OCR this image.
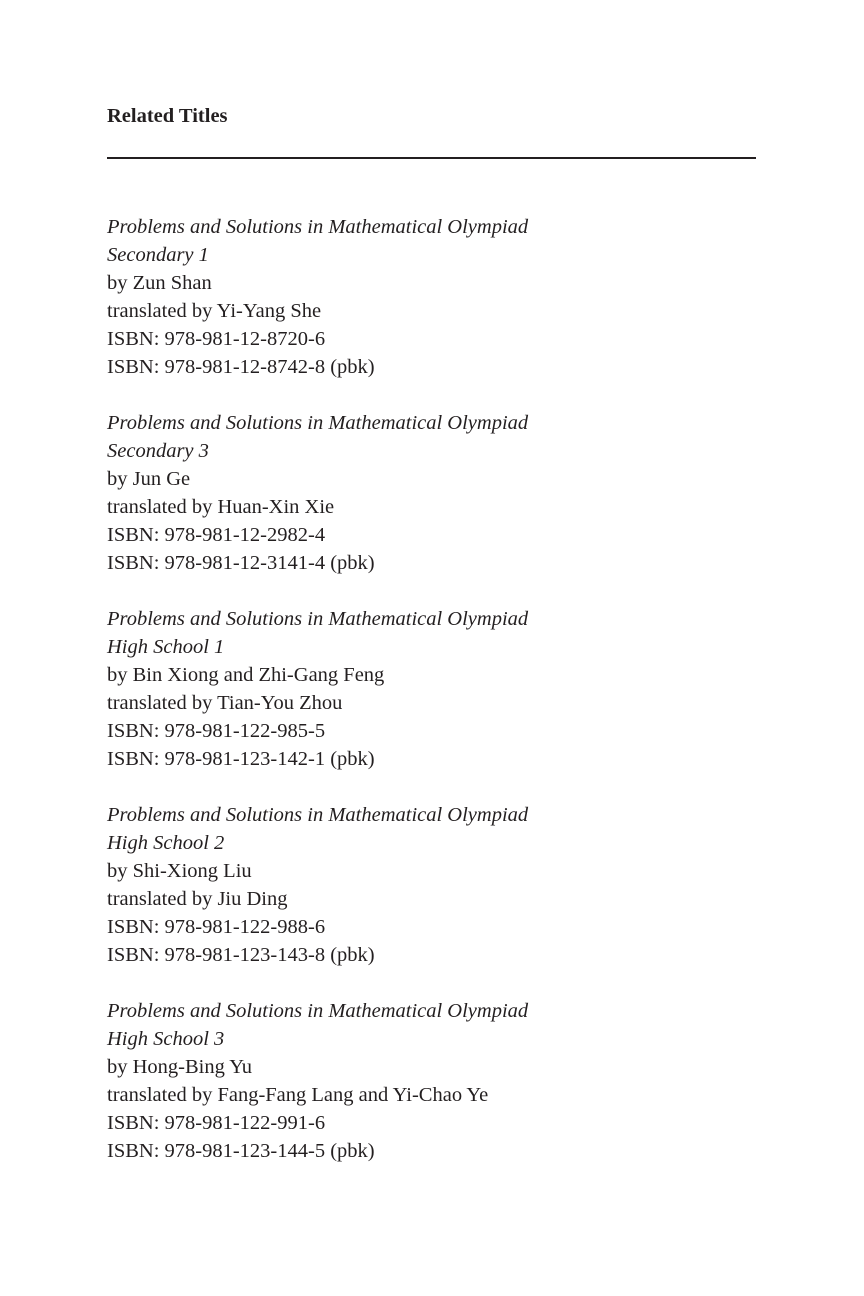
Related Titles
Problems and Solutions in Mathematical Olympiad
Secondary 1
by Zun Shan
translated by Yi-Yang She
ISBN: 978-981-12-8720-6
ISBN: 978-981-12-8742-8 (pbk)
Problems and Solutions in Mathematical Olympiad
Secondary 3
by Jun Ge
translated by Huan-Xin Xie
ISBN: 978-981-12-2982-4
ISBN: 978-981-12-3141-4 (pbk)
Problems and Solutions in Mathematical Olympiad
High School 1
by Bin Xiong and Zhi-Gang Feng
translated by Tian-You Zhou
ISBN: 978-981-122-985-5
ISBN: 978-981-123-142-1 (pbk)
Problems and Solutions in Mathematical Olympiad
High School 2
by Shi-Xiong Liu
translated by Jiu Ding
ISBN: 978-981-122-988-6
ISBN: 978-981-123-143-8 (pbk)
Problems and Solutions in Mathematical Olympiad
High School 3
by Hong-Bing Yu
translated by Fang-Fang Lang and Yi-Chao Ye
ISBN: 978-981-122-991-6
ISBN: 978-981-123-144-5 (pbk)
